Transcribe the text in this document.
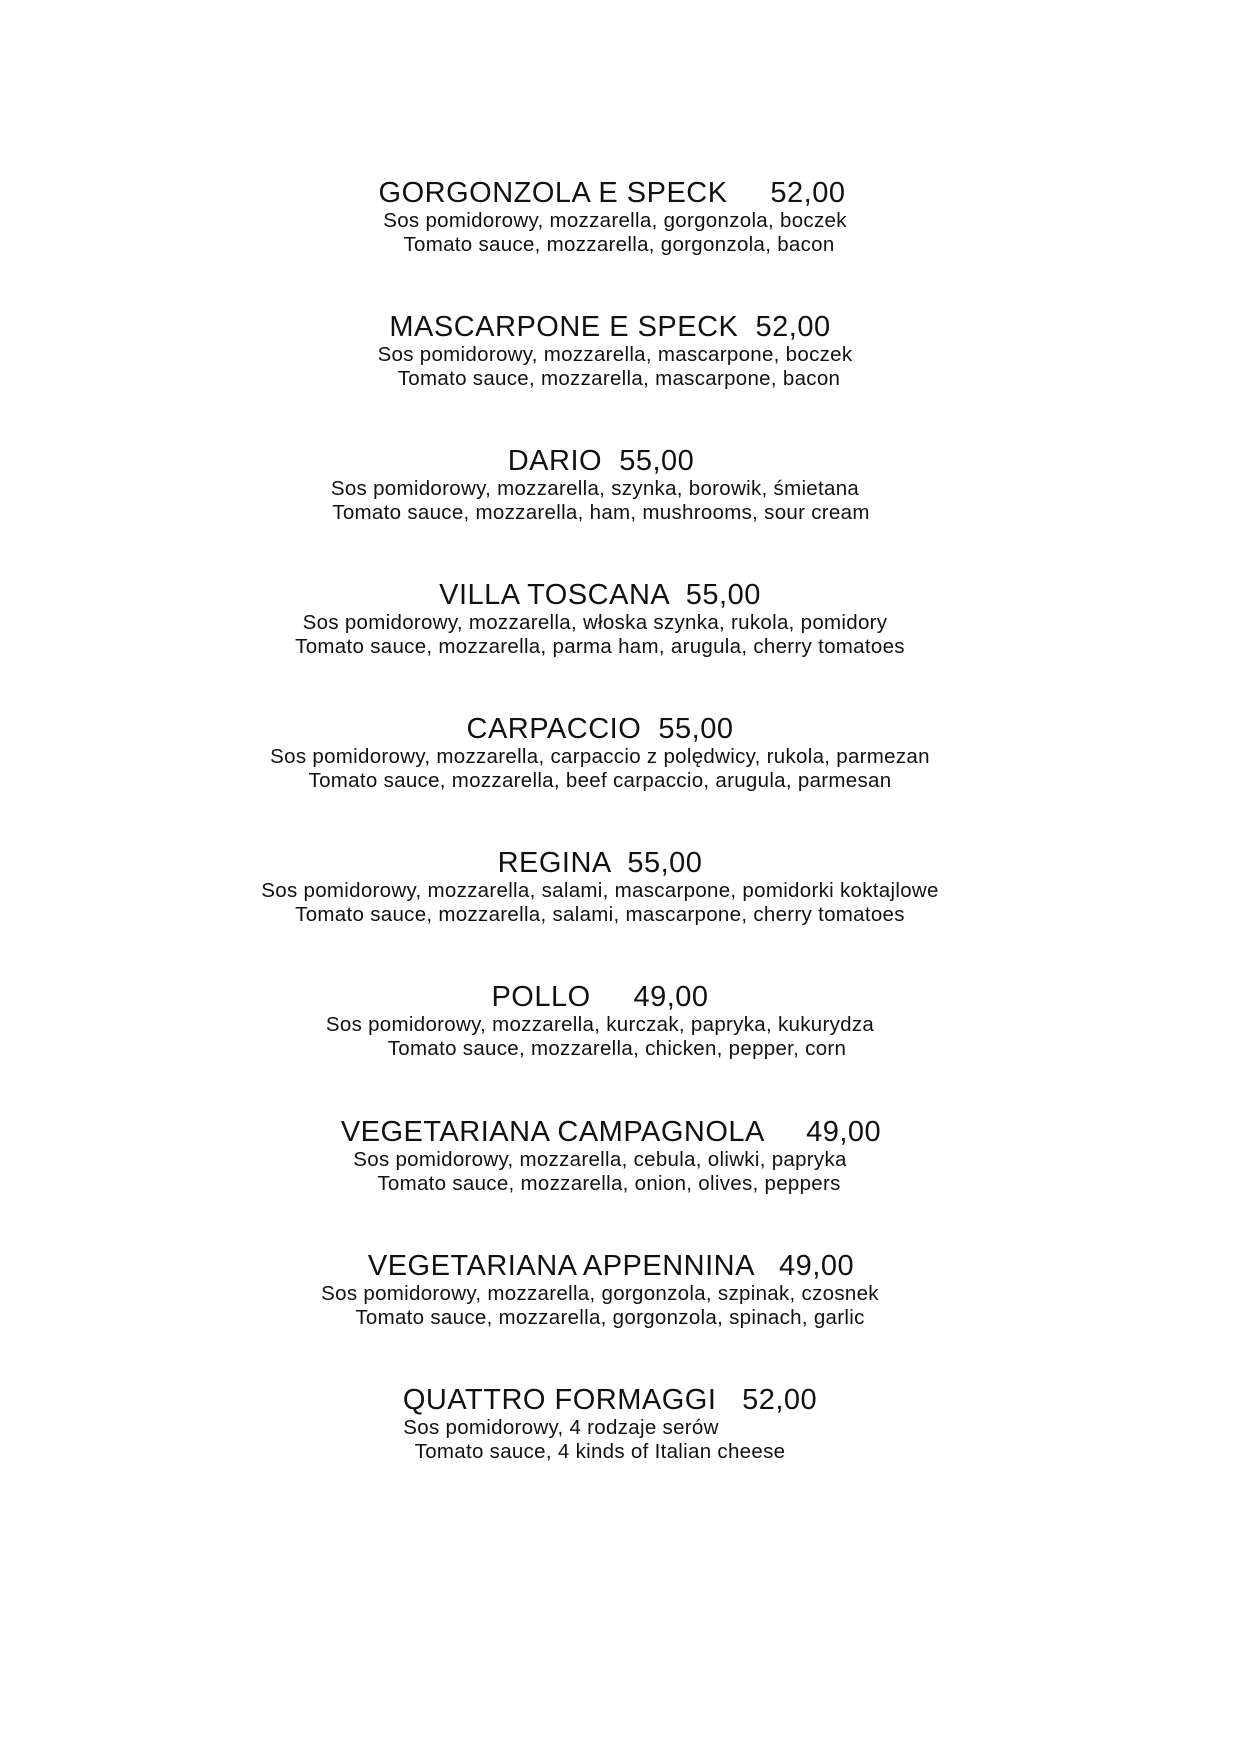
GORGONZOLA E SPECK 52,00
Sos pomidorowy, mozzarella, gorgonzola, boczek
Tomato sauce, mozzarella, gorgonzola, bacon
MASCARPONE E SPECK 52,00
Sos pomidorowy, mozzarella, mascarpone, boczek
Tomato sauce, mozzarella, mascarpone, bacon
DARIO 55,00
Sos pomidorowy, mozzarella, szynka, borowik, śmietana
Tomato sauce, mozzarella, ham, mushrooms, sour cream
VILLA TOSCANA 55,00
Sos pomidorowy, mozzarella, włoska szynka, rukola, pomidory
Tomato sauce, mozzarella, parma ham, arugula, cherry tomatoes
CARPACCIO 55,00
Sos pomidorowy, mozzarella, carpaccio z polędwicy, rukola, parmezan
Tomato sauce, mozzarella, beef carpaccio, arugula, parmesan
REGINA 55,00
Sos pomidorowy, mozzarella, salami, mascarpone, pomidorki koktajlowe
Tomato sauce, mozzarella, salami, mascarpone, cherry tomatoes
POLLO 49,00
Sos pomidorowy, mozzarella, kurczak, papryka, kukurydza
Tomato sauce, mozzarella, chicken, pepper, corn
VEGETARIANA CAMPAGNOLA 49,00
Sos pomidorowy, mozzarella, cebula, oliwki, papryka
Tomato sauce, mozzarella, onion, olives, peppers
VEGETARIANA APPENNINA 49,00
Sos pomidorowy, mozzarella, gorgonzola, szpinak, czosnek
Tomato sauce, mozzarella, gorgonzola, spinach, garlic
QUATTRO FORMAGGI 52,00
Sos pomidorowy, 4 rodzaje serów
Tomato sauce, 4 kinds of Italian cheese
